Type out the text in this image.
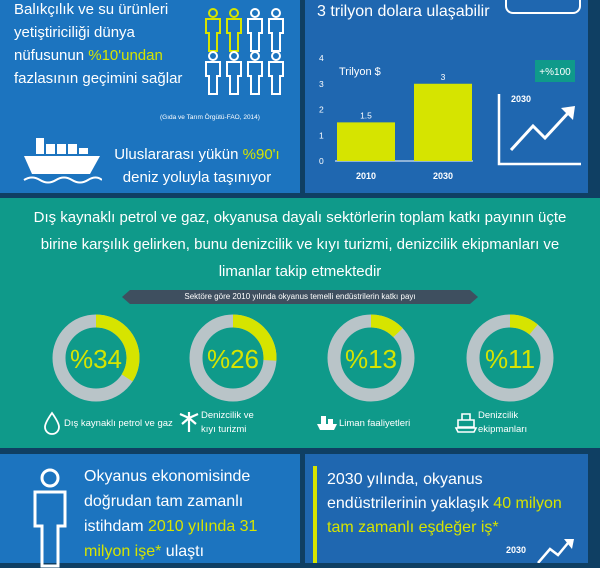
Balıkçılık ve su ürünleri yetiştiriciliği dünya nüfusunun %10'undan fazlasının geçimini sağlar
(Gıda ve Tarım Örgütü-FAO, 2014)
Uluslararası yükün %90'ı deniz yoluyla taşınıyor
3 trilyon dolara ulaşabilir
Trilyon $
0
1
2
3
4
1.5
2010
3
2030
+%100
2030
Dış kaynaklı petrol ve gaz, okyanusa dayalı sektörlerin toplam katkı payının üçte birine karşılık gelirken, bunu denizcilik ve kıyı turizmi, denizcilik ekipmanları ve limanlar takip etmektedir
Sektöre göre 2010 yılında okyanus temelli endüstrilerin katkı payı
%34
Dış kaynaklı petrol ve gaz
%26
Denizcilik ve
kıyı turizmi
%13
Liman faaliyetleri
%11
Denizcilik
ekipmanları
Okyanus ekonomisinde doğrudan tam zamanlı istihdam 2010 yılında 31 milyon işe* ulaştı
2030 yılında, okyanus endüstrilerinin yaklaşık 40 milyon tam zamanlı eşdeğer iş*
2030
